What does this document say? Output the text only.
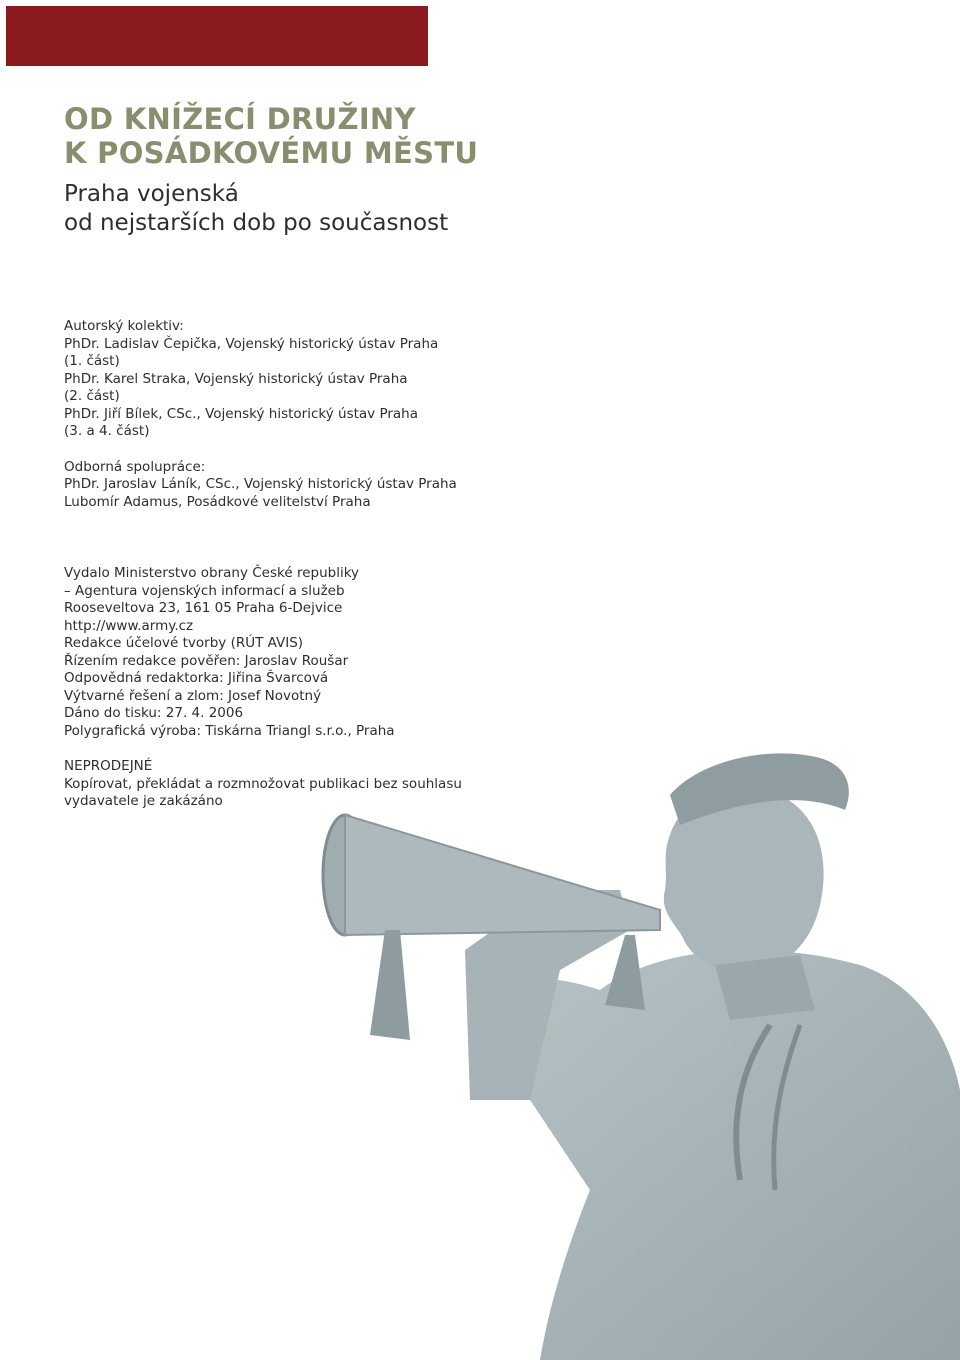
OD KNÍŽECÍ DRUŽINY
K POSÁDKOVÉMU MĚSTU
Praha vojenská
od nejstarších dob po současnost
Autorský kolektiv:
PhDr. Ladislav Čepička, Vojenský historický ústav Praha
(1. část)
PhDr. Karel Straka, Vojenský historický ústav Praha
(2. část)
PhDr. Jiří Bílek, CSc., Vojenský historický ústav Praha
(3. a 4. část)
Odborná spolupráce:
PhDr. Jaroslav Láník, CSc., Vojenský historický ústav Praha
Lubomír Adamus, Posádkové velitelství Praha
Vydalo Ministerstvo obrany České republiky
– Agentura vojenských informací a služeb
Rooseveltova 23, 161 05 Praha 6-Dejvice
http://www.army.cz
Redakce účelové tvorby (RÚT AVIS)
Řízením redakce pověřen: Jaroslav Roušar
Odpovědná redaktorka: Jiřina Švarcová
Výtvarné řešení a zlom: Josef Novotný
Dáno do tisku: 27. 4. 2006
Polygrafická výroba: Tiskárna Triangl s.r.o., Praha
NEPRODEJNÉ
Kopírovat, překládat a rozmnožovat publikaci bez souhlasu
vydavatele je zakázáno
